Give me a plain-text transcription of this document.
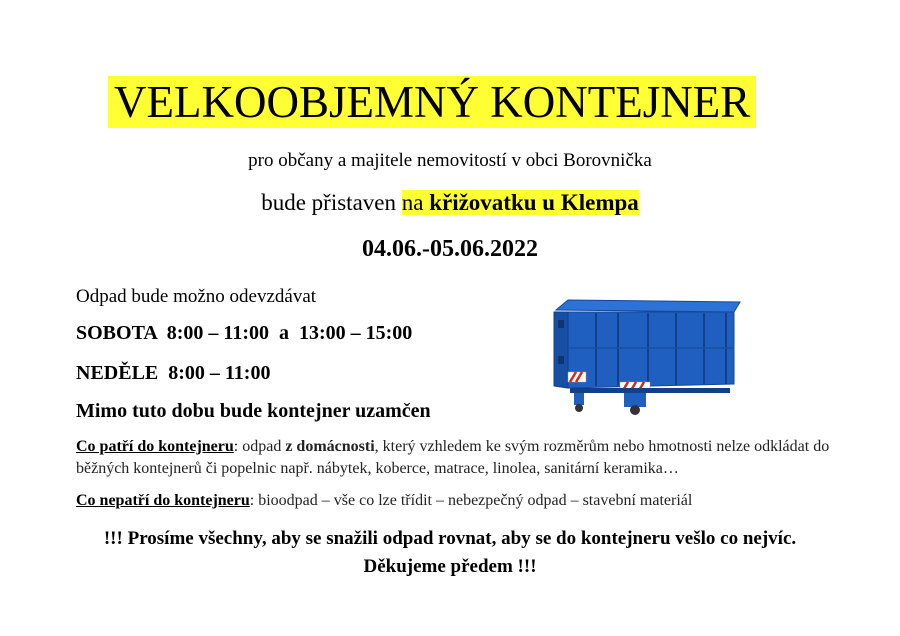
VELKOOBJEMNÝ KONTEJNER
pro občany a majitele nemovitostí v obci Borovnička
bude přistaven na křižovatku u Klempa
04.06.-05.06.2022
Odpad bude možno odevzdávat
SOBOTA  8:00 – 11:00  a  13:00 – 15:00
NEDĚLE  8:00 – 11:00
Mimo tuto dobu bude kontejner uzamčen
Co patří do kontejneru: odpad z domácnosti, který vzhledem ke svým rozměrům nebo hmotnosti nelze odkládat do běžných kontejnerů či popelnic např. nábytek, koberce, matrace, linolea, sanitární keramika…
Co nepatří do kontejneru: bioodpad – vše co lze třídit – nebezpečný odpad – stavební materiál
!!! Prosíme všechny, aby se snažili odpad rovnat, aby se do kontejneru vešlo co nejvíc.
Děkujeme předem !!!
